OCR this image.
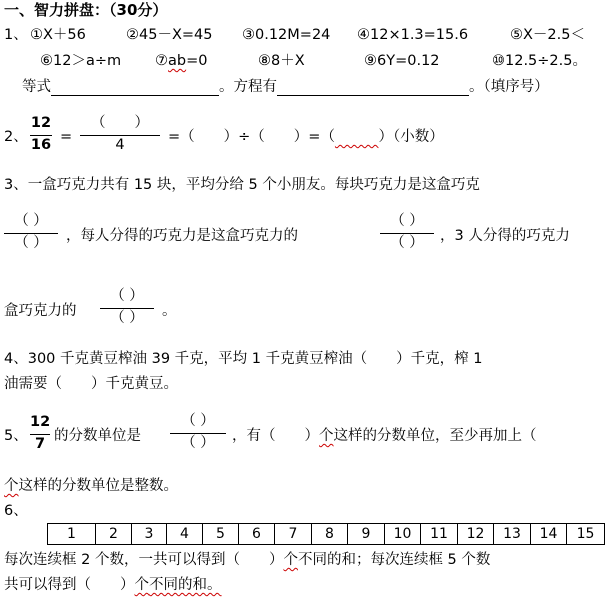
一、智力拼盘：（30分）
1、 ①X＋56	②45－X=45 ③0.12M=24 ④12×1.3=15.6	⑤X－2.5＜
⑥12＞a÷m ⑦ab=0	⑧8＋X	⑨6Y=0.12	⑩12.5÷2.5。
等式	。方程有	。（填序号）
2、
12
16 =
（　　）
4	=（　　）÷（　　）=（　　　	）（小数）
3、一盒巧克力共有 15 块，平均分给 5 个小朋友。每块巧克力是这盒巧克
（ ）
（ ）	，每人分得的巧克力是这盒巧克力的
（ ）
（ ）	，3 人分得的巧克力
盒巧克力的
（ ）
（ ）	。
4、300 千克黄豆榨油 39 千克，平均 1 千克黄豆榨油（　　）千克，榨 1
油需要（　　）千克黄豆。
5、
12
7 的分数单位是
（ ）
（ ）	，有（　　）个这样的分数单位，至少再加上（
个这样的分数单位是整数。
6、
1	2	3	4	5	6	7	8	9	10	11	12	13	14	15
每次连续框 2 个数，一共可以得到（　　）个不同的和；每次连续框 5 个数
共可以得到（　　）个不同的和。
